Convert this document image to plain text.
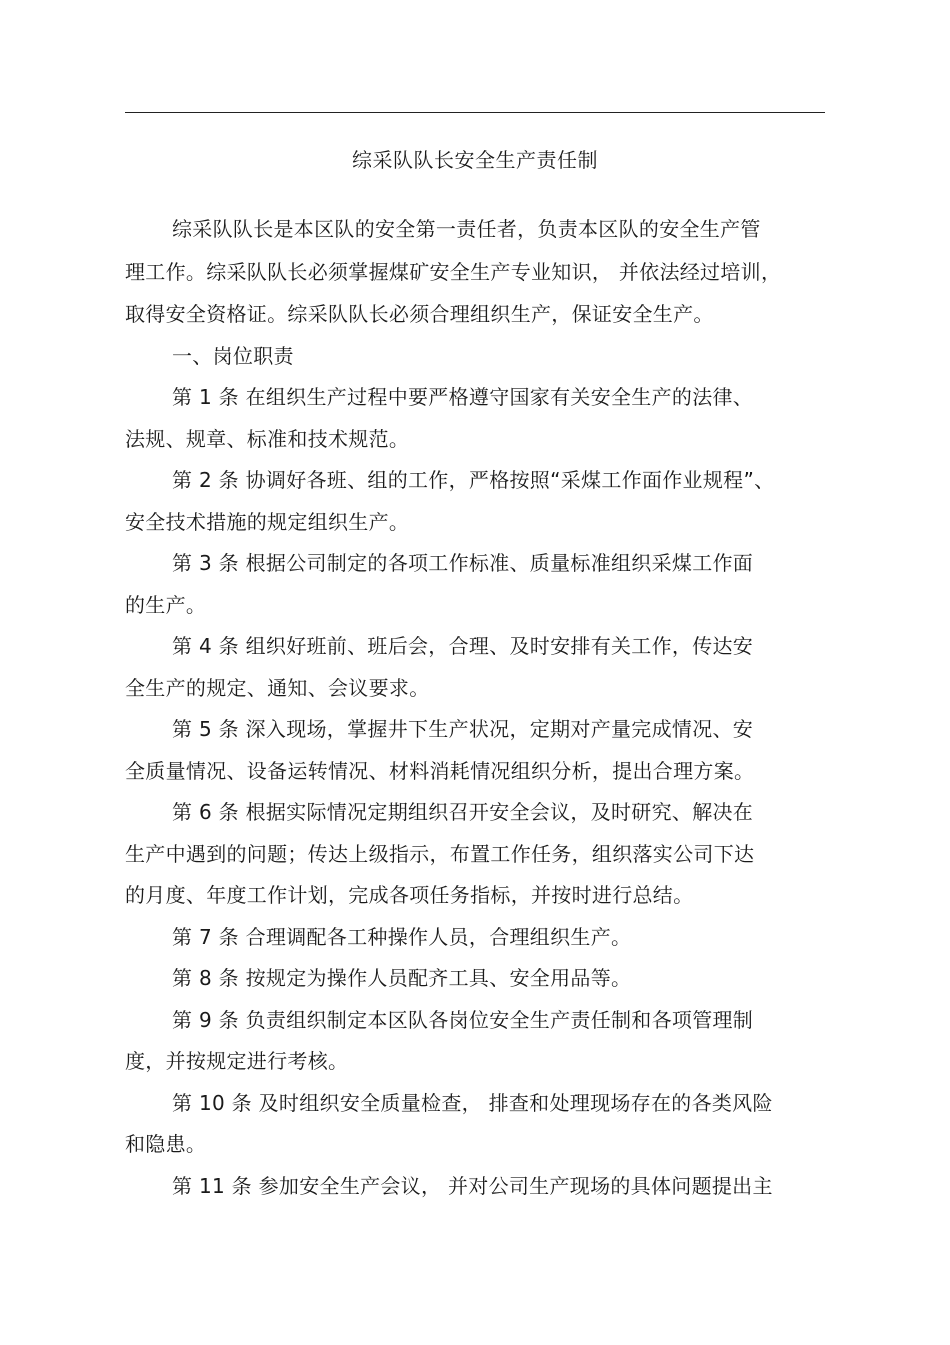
综采队队长安全生产责任制
综采队队长是本区队的安全第一责任者，负责本区队的安全生产管
理工作。综采队队长必须掌握煤矿安全生产专业知识， 并依法经过培训，
取得安全资格证。综采队队长必须合理组织生产，保证安全生产。
一、岗位职责
第 1 条 在组织生产过程中要严格遵守国家有关安全生产的法律、
法规、规章、标准和技术规范。
第 2 条 协调好各班、组的工作，严格按照“采煤工作面作业规程”、
安全技术措施的规定组织生产。
第 3 条 根据公司制定的各项工作标准、质量标准组织采煤工作面
的生产。
第 4 条 组织好班前、班后会，合理、及时安排有关工作，传达安
全生产的规定、通知、会议要求。
第 5 条 深入现场，掌握井下生产状况，定期对产量完成情况、安
全质量情况、设备运转情况、材料消耗情况组织分析，提出合理方案。
第 6 条 根据实际情况定期组织召开安全会议，及时研究、解决在
生产中遇到的问题；传达上级指示，布置工作任务，组织落实公司下达
的月度、年度工作计划，完成各项任务指标，并按时进行总结。
第 7 条 合理调配各工种操作人员，合理组织生产。
第 8 条 按规定为操作人员配齐工具、安全用品等。
第 9 条 负责组织制定本区队各岗位安全生产责任制和各项管理制
度，并按规定进行考核。
第 10 条 及时组织安全质量检查， 排查和处理现场存在的各类风险
和隐患。
第 11 条 参加安全生产会议， 并对公司生产现场的具体问题提出主
